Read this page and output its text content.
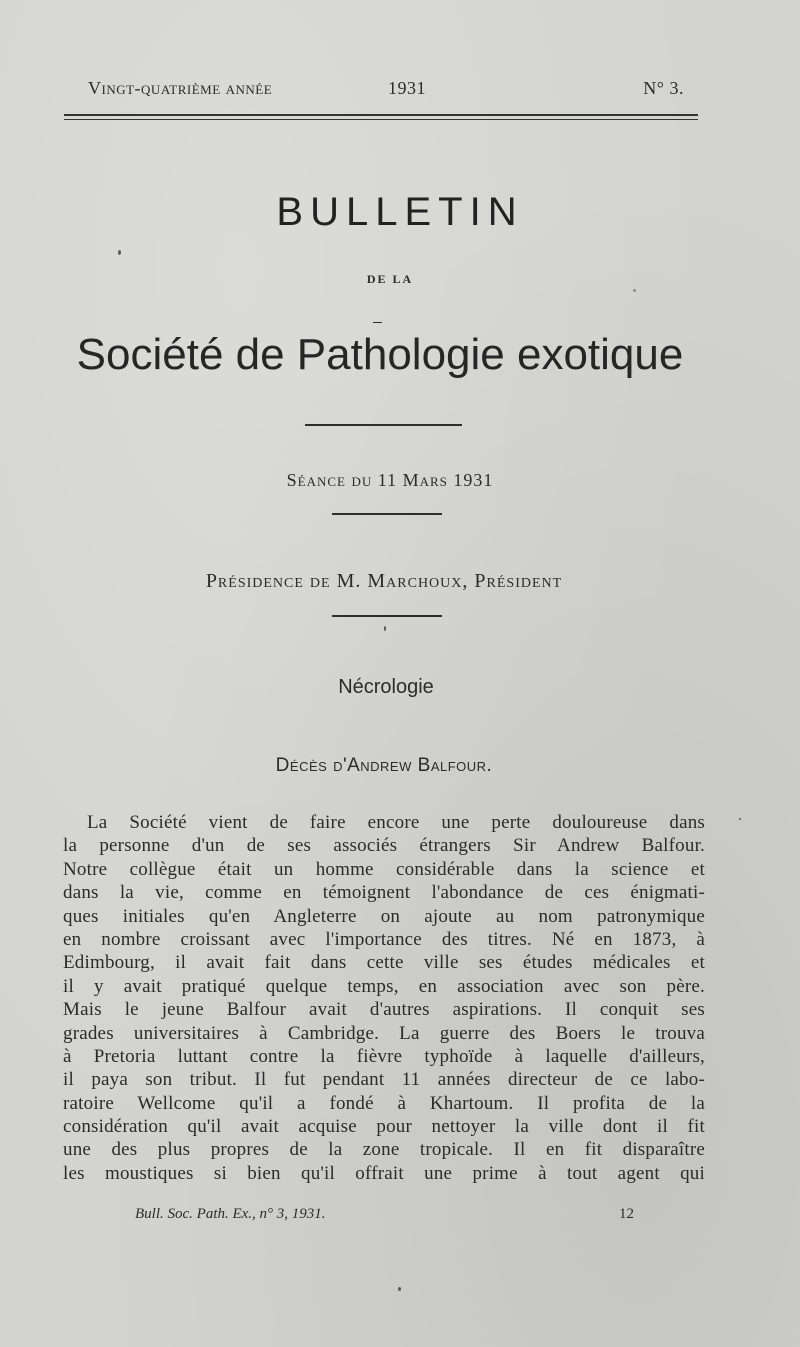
Vingt-quatrième année	1931	N° 3.
BULLETIN
DE LA
Société de Pathologie exotique
Séance du 11 Mars 1931
Présidence de M. Marchoux, Président
Nécrologie
Décès d'Andrew Balfour.
La Société vient de faire encore une perte douloureuse dans
la personne d'un de ses associés étrangers Sir Andrew Balfour.
Notre collègue était un homme considérable dans la science et
dans la vie, comme en témoignent l'abondance de ces énigmati-
ques initiales qu'en Angleterre on ajoute au nom patronymique
en nombre croissant avec l'importance des titres. Né en 1873, à
Edimbourg, il avait fait dans cette ville ses études médicales et
il y avait pratiqué quelque temps, en association avec son père.
Mais le jeune Balfour avait d'autres aspirations. Il conquit ses
grades universitaires à Cambridge. La guerre des Boers le trouva
à Pretoria luttant contre la fièvre typhoïde à laquelle d'ailleurs,
il paya son tribut. Il fut pendant 11 années directeur de ce labo-
ratoire Wellcome qu'il a fondé à Khartoum. Il profita de la
considération qu'il avait acquise pour nettoyer la ville dont il fit
une des plus propres de la zone tropicale. Il en fit disparaître
les moustiques si bien qu'il offrait une prime à tout agent qui
Bull. Soc. Path. Ex., n° 3, 1931.	12
